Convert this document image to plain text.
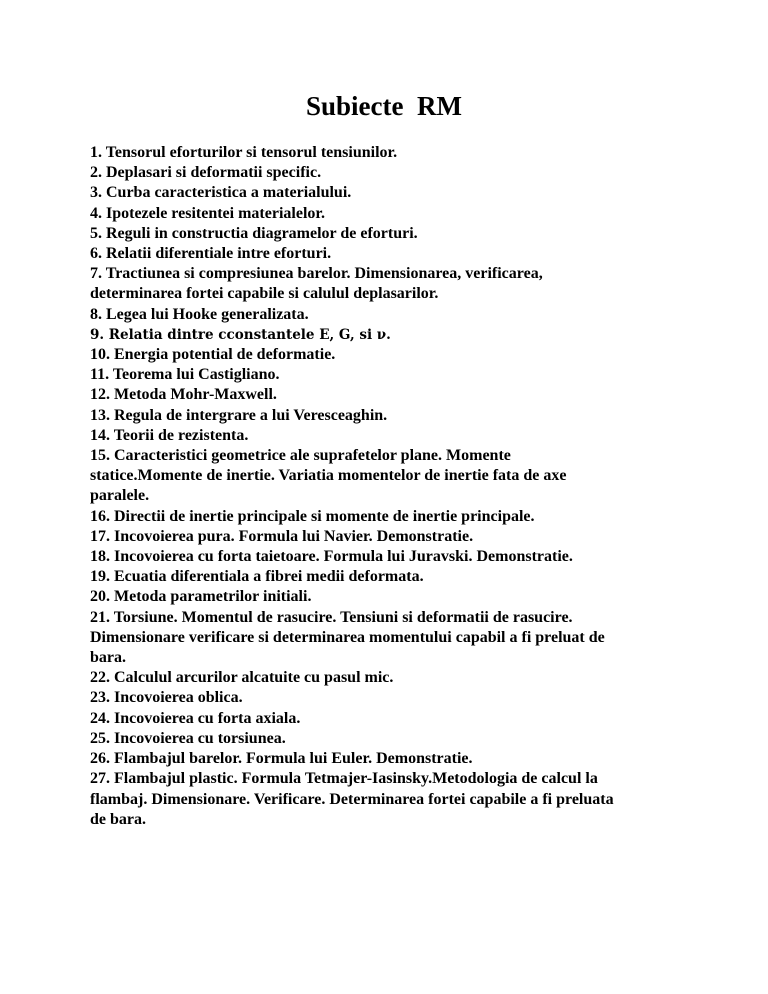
Subiecte  RM
1. Tensorul eforturilor si tensorul tensiunilor.
2. Deplasari si deformatii specific.
3. Curba caracteristica a materialului.
4. Ipotezele resitentei materialelor.
5. Reguli in constructia diagramelor de eforturi.
6. Relatii diferentiale intre eforturi.
7. Tractiunea si compresiunea barelor. Dimensionarea, verificarea,
determinarea fortei capabile si calulul deplasarilor.
8. Legea lui Hooke generalizata.
9. Relatia dintre cconstantele E, G, si ν.
10. Energia potential de deformatie.
11. Teorema lui Castigliano.
12. Metoda Mohr-Maxwell.
13. Regula de intergrare a lui Veresceaghin.
14. Teorii de rezistenta.
15. Caracteristici geometrice ale suprafetelor plane. Momente
statice.Momente de inertie. Variatia momentelor de inertie fata de axe
paralele.
16. Directii de inertie principale si momente de inertie principale.
17. Incovoierea pura. Formula lui Navier. Demonstratie.
18. Incovoierea cu forta taietoare. Formula lui Juravski. Demonstratie.
19. Ecuatia diferentiala a fibrei medii deformata.
20. Metoda parametrilor initiali.
21. Torsiune. Momentul de rasucire. Tensiuni si deformatii de rasucire.
Dimensionare verificare si determinarea momentului capabil a fi preluat de
bara.
22. Calculul arcurilor alcatuite cu pasul mic.
23. Incovoierea oblica.
24. Incovoierea cu forta axiala.
25. Incovoierea cu torsiunea.
26. Flambajul barelor. Formula lui Euler. Demonstratie.
27. Flambajul plastic. Formula Tetmajer-Iasinsky.Metodologia de calcul la
flambaj. Dimensionare. Verificare. Determinarea fortei capabile a fi preluata
de bara.
